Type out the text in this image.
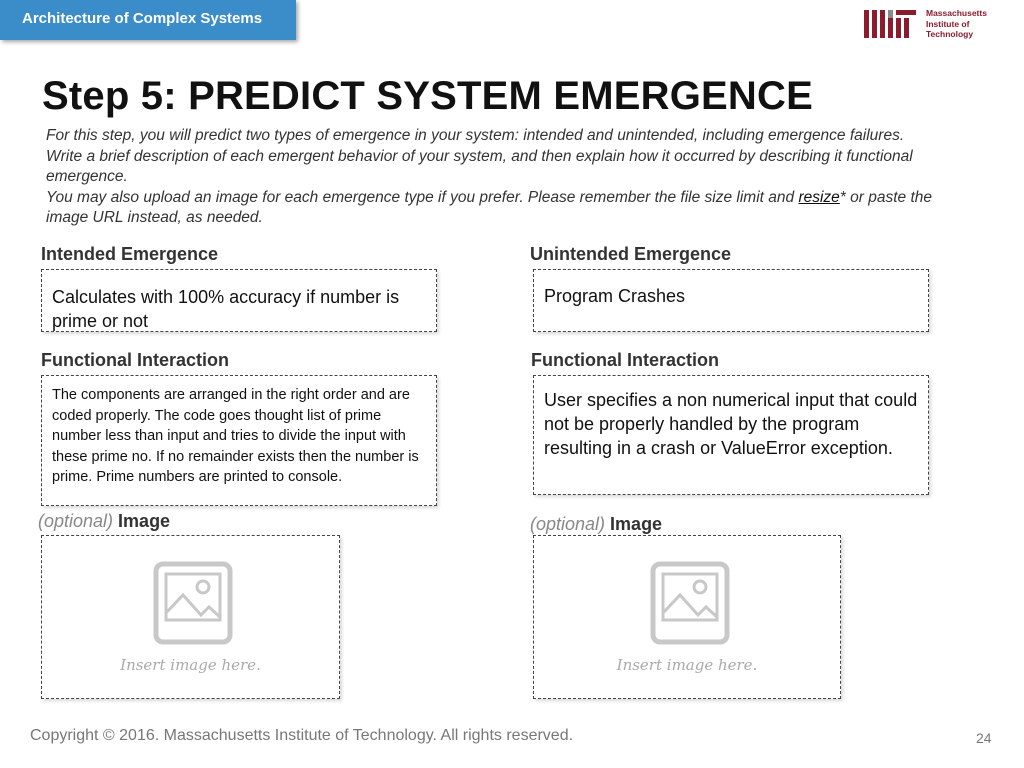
Architecture of Complex Systems	Massachusetts
Institute of
Technology
Step 5: PREDICT SYSTEM EMERGENCE

For this step, you will predict two types of emergence in your system: intended and unintended, including emergence failures. Write a brief description of each emergent behavior of your system, and then explain how it occurred by describing it functional emergence.

You may also upload an image for each emergence type if you prefer. Please remember the file size limit and resize* or paste the image URL instead, as needed.

Intended Emergence
Calculates with 100% accuracy if number is prime or not
Functional Interaction
The components are arranged in the right order and are coded properly. The code goes thought list of prime number less than input and tries to divide the input with these prime no. If no remainder exists then the number is prime. Prime numbers are printed to console.
(optional) Image
Insert image here.
Unintended Emergence
Program Crashes
Functional Interaction
User specifies a non numerical input that could not be properly handled by the program resulting in a crash or ValueError exception.
(optional) Image
Insert image here.
Copyright © 2016. Massachusetts Institute of Technology. All rights reserved.	24
